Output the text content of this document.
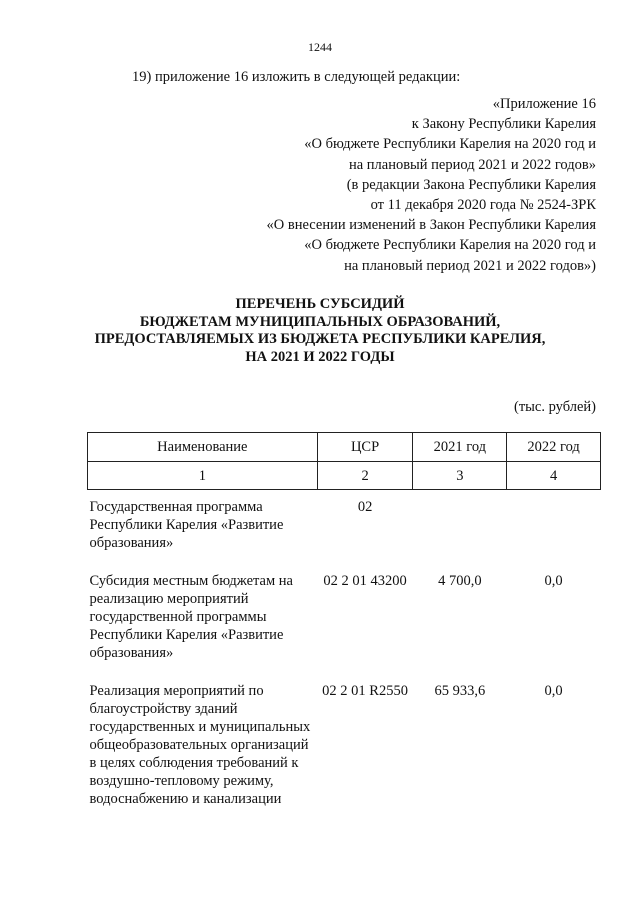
1244
19) приложение 16 изложить в следующей редакции:
«Приложение 16
к Закону Республики Карелия
«О бюджете Республики Карелия на 2020 год и
на плановый период 2021 и 2022 годов»
(в редакции Закона Республики Карелия
от 11 декабря 2020 года № 2524-ЗРК
«О внесении изменений в Закон Республики Карелия
«О бюджете Республики Карелия на 2020 год и
на плановый период 2021 и 2022 годов»)
ПЕРЕЧЕНЬ СУБСИДИЙ
БЮДЖЕТАМ МУНИЦИПАЛЬНЫХ ОБРАЗОВАНИЙ,
ПРЕДОСТАВЛЯЕМЫХ ИЗ БЮДЖЕТА РЕСПУБЛИКИ КАРЕЛИЯ,
НА 2021 И 2022 ГОДЫ
(тыс. рублей)
Наименование	ЦСР	2021 год	2022 год
1	2	3	4
Государственная программа Республики Карелия «Развитие образования»	02		
Субсидия местным бюджетам на реализацию мероприятий государственной программы Республики Карелия «Развитие образования»	02 2 01 43200	4 700,0	0,0
Реализация мероприятий по благоустройству зданий государственных и муниципальных общеобразовательных организаций в целях соблюдения требований к воздушно-тепловому режиму, водоснабжению и канализации	02 2 01 R2550	65 933,6	0,0
